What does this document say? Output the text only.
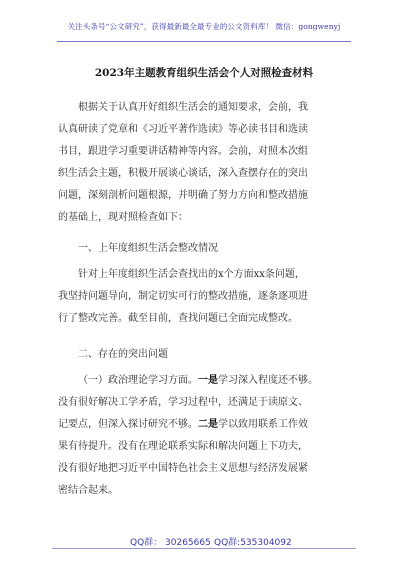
关注头条号“公文研究”，获得最新最全最专业的公文资料库！ 微信：gongwenyj
2023年主题教育组织生活会个人对照检查材料

根据关于认真开好组织生活会的通知要求，会前，我
认真研读了党章和《习近平著作选读》等必读书目和选读
书目，跟进学习重要讲话精神等内容。会前，对照本次组
织生活会主题，积极开展谈心谈话，深入查摆存在的突出
问题，深刻剖析问题根源，并明确了努力方向和整改措施
的基础上，现对照检查如下：

一、上年度组织生活会整改情况

针对上年度组织生活会查找出的x个方面xx条问题，
我坚持问题导向，制定切实可行的整改措施，逐条逐项进
行了整改完善。截至目前，查找问题已全面完成整改。

二、存在的突出问题

（一）政治理论学习方面。一是学习深入程度还不够。
没有很好解决工学矛盾，学习过程中，还满足于读原文、
记要点，但深入探讨研究不够。二是学以致用联系工作效
果有待提升。没有在理论联系实际和解决问题上下功夫，
没有很好地把习近平中国特色社会主义思想与经济发展紧
密结合起来。

QQ群： 30265665 QQ群:535304092
